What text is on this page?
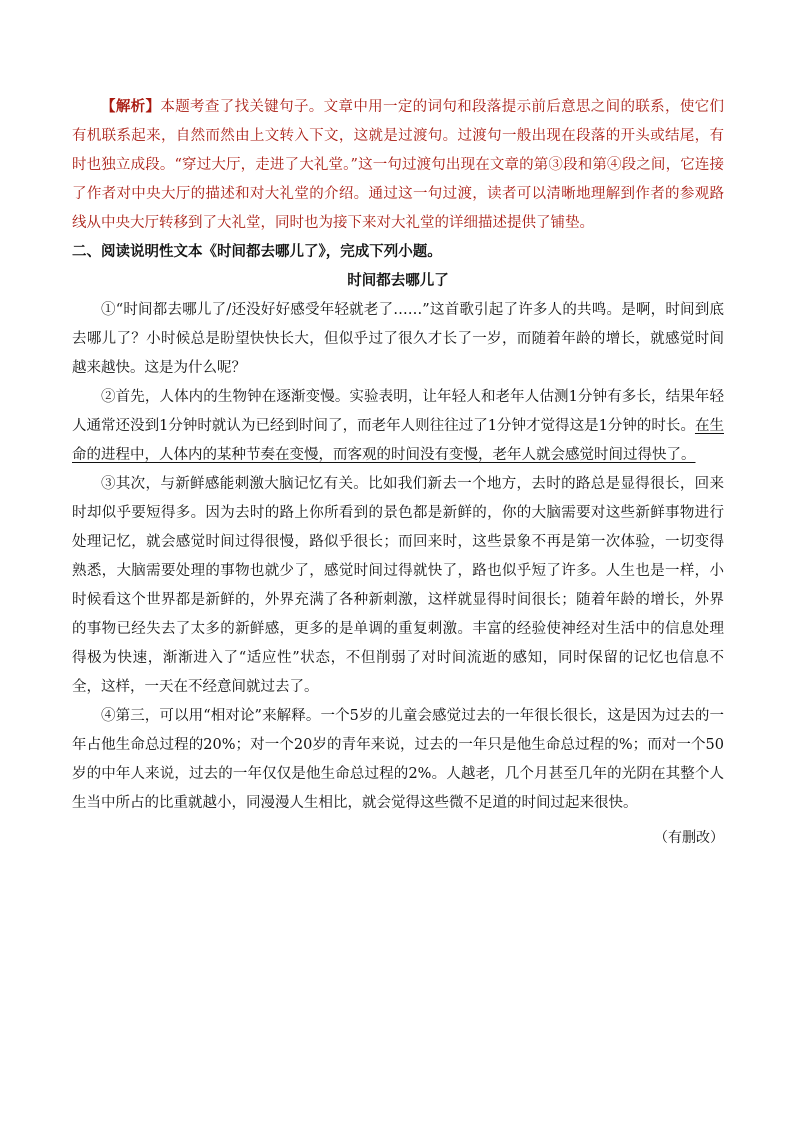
【解析】本题考查了找关键句子。文章中用一定的词句和段落提示前后意思之间的联系，使它们有机联系起来，自然而然由上文转入下文，这就是过渡句。过渡句一般出现在段落的开头或结尾，有时也独立成段。“穿过大厅，走进了大礼堂。”这一句过渡句出现在文章的第③段和第④段之间，它连接了作者对中央大厅的描述和对大礼堂的介绍。通过这一句过渡，读者可以清晰地理解到作者的参观路线从中央大厅转移到了大礼堂，同时也为接下来对大礼堂的详细描述提供了铺垫。

二、阅读说明性文本《时间都去哪儿了》，完成下列小题。

时间都去哪儿了

①“时间都去哪儿了/还没好好感受年轻就老了……”这首歌引起了许多人的共鸣。是啊，时间到底去哪儿了？小时候总是盼望快快长大，但似乎过了很久才长了一岁，而随着年龄的增长，就感觉时间越来越快。这是为什么呢？

②首先，人体内的生物钟在逐渐变慢。实验表明，让年轻人和老年人估测1分钟有多长，结果年轻人通常还没到1分钟时就认为已经到时间了，而老年人则往往过了1分钟才觉得这是1分钟的时长。在生命的进程中，人体内的某种节奏在变慢，而客观的时间没有变慢，老年人就会感觉时间过得快了。

③其次，与新鲜感能刺激大脑记忆有关。比如我们新去一个地方，去时的路总是显得很长，回来时却似乎要短得多。因为去时的路上你所看到的景色都是新鲜的，你的大脑需要对这些新鲜事物进行处理记忆，就会感觉时间过得很慢，路似乎很长；而回来时，这些景象不再是第一次体验，一切变得熟悉，大脑需要处理的事物也就少了，感觉时间过得就快了，路也似乎短了许多。人生也是一样，小时候看这个世界都是新鲜的，外界充满了各种新刺激，这样就显得时间很长；随着年龄的增长，外界的事物已经失去了太多的新鲜感，更多的是单调的重复刺激。丰富的经验使神经对生活中的信息处理得极为快速，渐渐进入了“适应性”状态，不但削弱了对时间流逝的感知，同时保留的记忆也信息不全，这样，一天在不经意间就过去了。

④第三，可以用“相对论”来解释。一个5岁的儿童会感觉过去的一年很长很长，这是因为过去的一年占他生命总过程的20%；对一个20岁的青年来说，过去的一年只是他生命总过程的%；而对一个50岁的中年人来说，过去的一年仅仅是他生命总过程的2%。人越老，几个月甚至几年的光阴在其整个人生当中所占的比重就越小，同漫漫人生相比，就会觉得这些微不足道的时间过起来很快。

（有删改）
